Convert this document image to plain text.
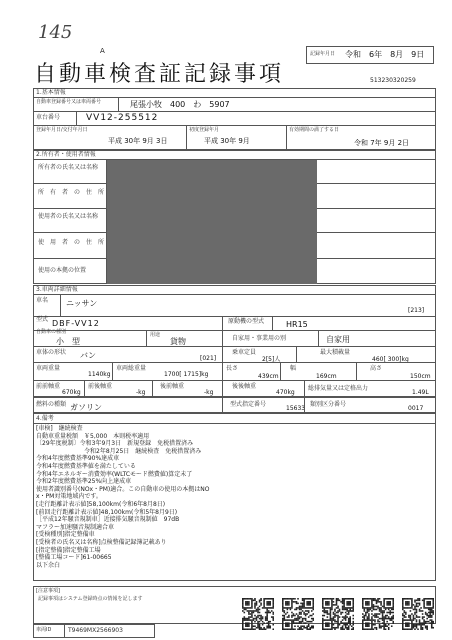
145
A	記録年月日 令和　6年　8月　9日
自動車検査証記録事項	513230320259
1.基本情報
自動車登録番号又は車両番号	尾張小牧　400　わ　5907
車台番号	VV12-255512
登録年月日/交付年月日
平成 30年 9月 3日
初度登録年月
平成 30年 9月
有効期間の満了する日
令和 7年 9月 2日
2.所有者・使用者情報
所有者の氏名又は名称
所　有　者　の　住　所
使用者の氏名又は名称
使　用　者　の　住　所
使用の本拠の位置
3.車両詳細情報
車名 ニッサン
[213]
型式 DBF-VV12	原動機の型式	HR15
自動車の種別
小　型
用途
貨物	自家用・事業用の別	自家用
車体の形状 バン	[021]
乗車定員
2[5]人
最大積載量
460[ 300]kg
車両重量
1140kg
車両総重量
1700[ 1715]kg
長さ
439cm
幅
169cm
高さ
150cm
前前軸重
670kg
前後軸重
-kg
後前軸重
-kg
後後軸重
470kg
総排気量又は定格出力
1.49L
燃料の種類 ガソリン	型式指定番号
15633
類別区分番号
0017
4.備考
[車検]　継続検査
自動車重量税額　￥5,000　本則税率適用
〔29年度税制〕令和3年9月3日　新規登録　免税措置済み
　　　　　　　　令和2年8月25日　継続検査　免税措置済み
令和4年度燃費基準90%達成車
令和4年度燃費基準値を満たしている
令和4年エネルギー消費効率(WLTCモード燃費値)算定未了
令和2年度燃費基準25%向上達成車
使用者識別番号(NOx・PM)適合。この自動車の使用の本拠はNO
x・PM対策地域内です。
[走行距離計表示値]58,100km(令和6年8月8日)
[前回走行距離計表示値]48,100km(令和5年8月9日)
［平成12年騒音規制車］近接排気騒音規制値　97dB
マフラー加速騒音規制適合車
[受検種別]指定整備車
[受検者の氏名又は名称]点検整備記録簿記載あり
[指定整備]指定整備工場
[整備工場コード]61-00665
以下余白
[注意事項]
記録事項はシステム登録時点の情報を記します
車両ID	T9469MX2566903
